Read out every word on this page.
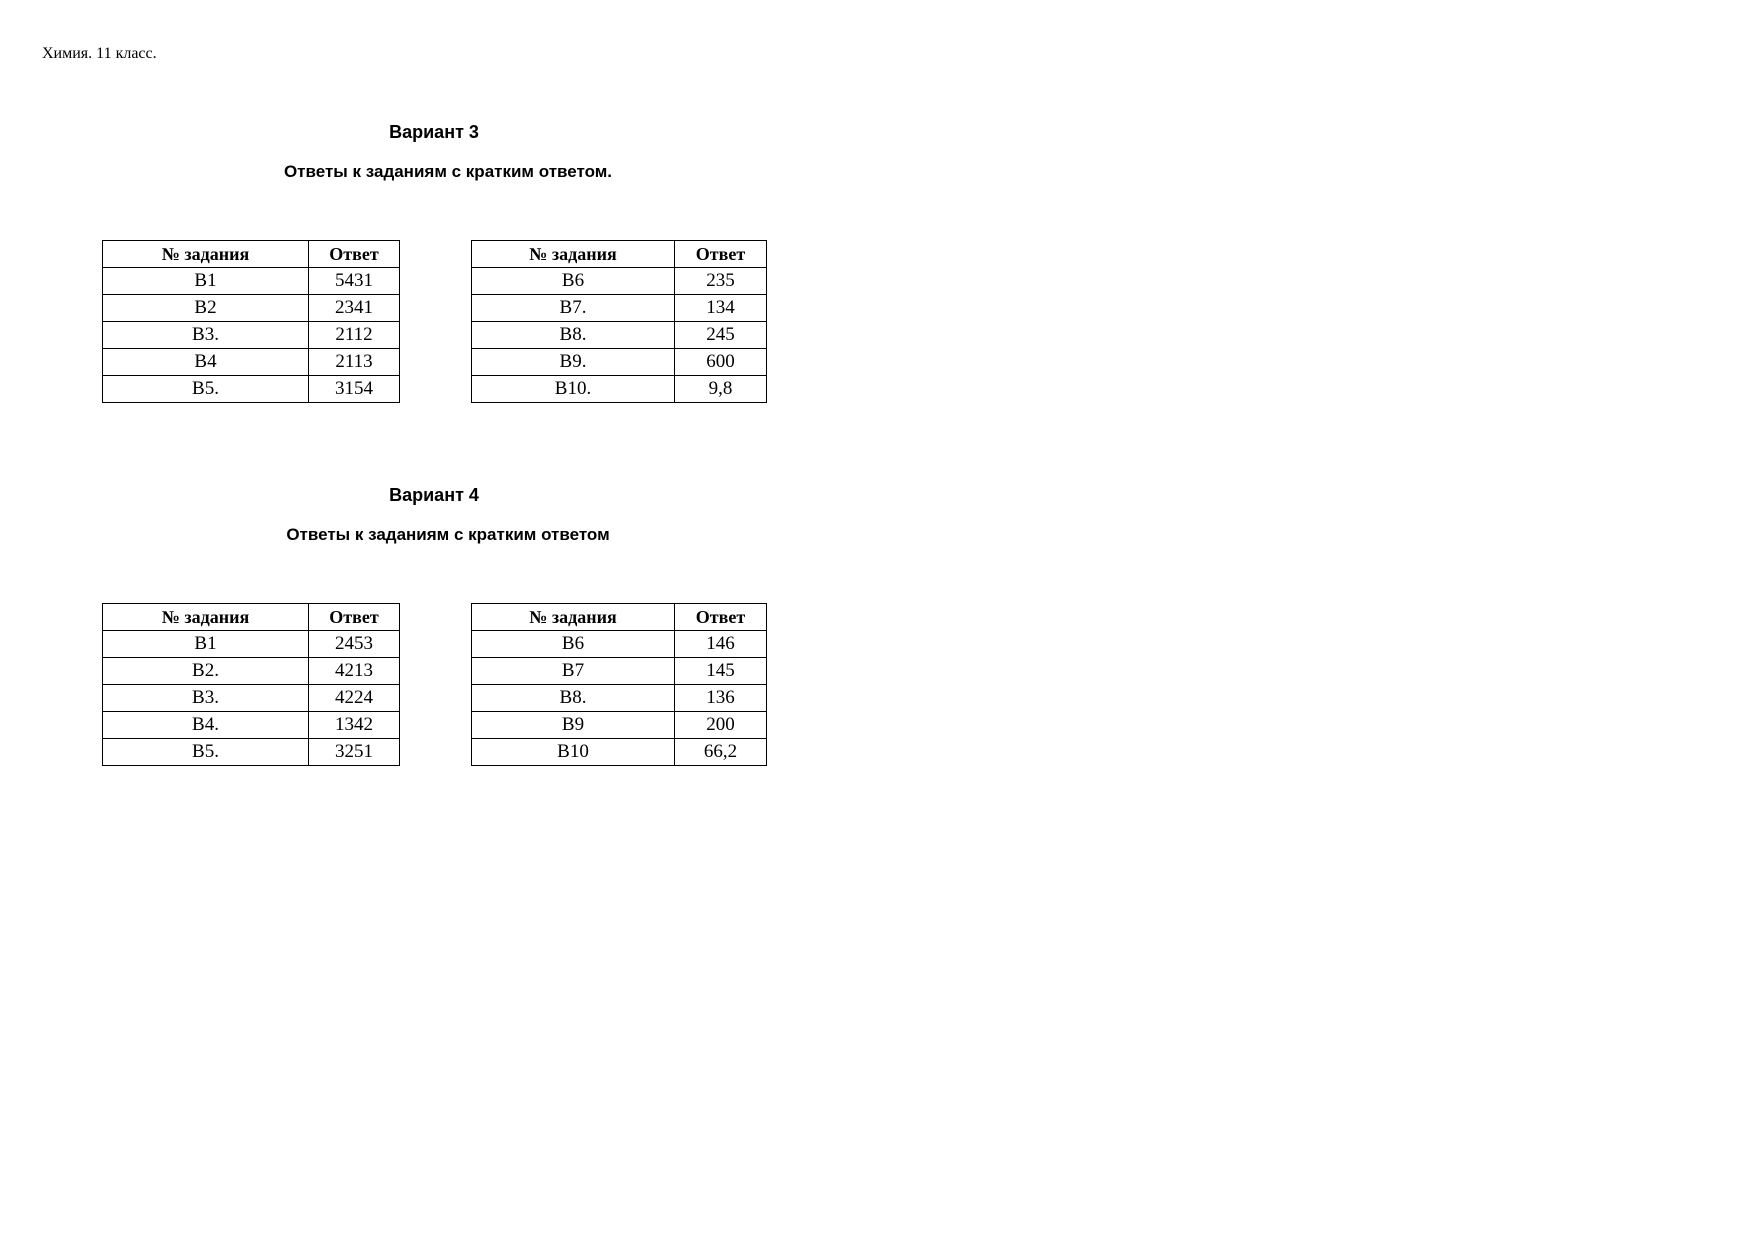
Химия. 11 класс.
Вариант 3
Ответы к заданиям с кратким ответом.
№ задания	Ответ
B1	5431
B2	2341
B3.	2112
B4	2113
B5.	3154
№ задания	Ответ
B6	235
B7.	134
B8.	245
B9.	600
B10.	9,8
Вариант 4
Ответы к заданиям с кратким ответом
№ задания	Ответ
B1	2453
B2.	4213
B3.	4224
B4.	1342
B5.	3251
№ задания	Ответ
B6	146
B7	145
B8.	136
B9	200
B10	66,2
